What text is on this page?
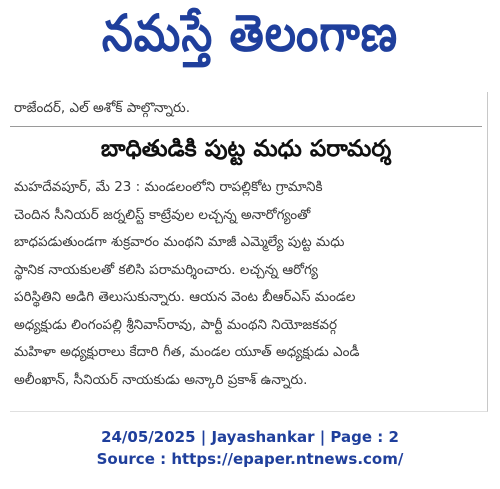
నమస్తే తెలంగాణ
రాజేందర్, ఎల్ అశోక్ పాల్గొన్నారు.
బాధితుడికి పుట్ట మధు పరామర్శ
మహదేవపూర్, మే 23 : మండలంలోని రాపల్లికోట గ్రామానికి
చెందిన సీనియర్ జర్నలిస్ట్ కాట్రేవుల లచ్చన్న అనారోగ్యంతో
బాధపడుతుండగా శుక్రవారం మంథని మాజీ ఎమ్మెల్యే పుట్ట మధు
స్థానిక నాయకులతో కలిసి పరామర్శించారు. లచ్చన్న ఆరోగ్య
పరిస్థితిని అడిగి తెలుసుకున్నారు. ఆయన వెంట బీఆర్ఎస్ మండల
అధ్యక్షుడు లింగంపల్లి శ్రీనివాస్‌రావు, పార్టీ మంథని నియోజకవర్గ
మహిళా అధ్యక్షురాలు కేదారి గీత, మండల యూత్ అధ్యక్షుడు ఎండీ
అలీంఖాన్, సీనియర్ నాయకుడు అన్కారి ప్రకాశ్ ఉన్నారు.
24/05/2025 | Jayashankar | Page : 2
Source : https://epaper.ntnews.com/
